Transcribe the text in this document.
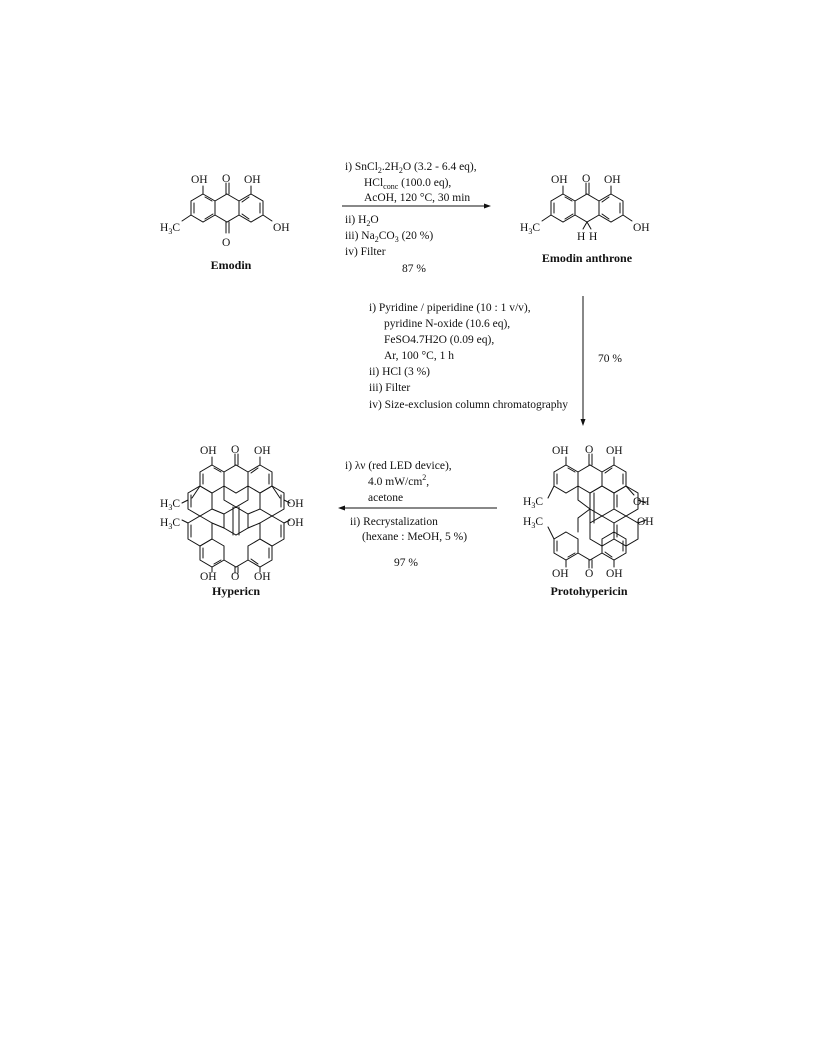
OH O OH
O
OH
$H_3C$
Emodin
i) $SnCl_2.2H_2O$ (3.2 - 6.4 eq),
HCl$_{conc}$ (100.0 eq),
AcOH, 120 °C, 30 min
ii) $H_2O$
iii) $Na_2CO_3$ (20 %)
iv) Filter
87 %
OH O OH
H H
OH
$H_3C$
Emodin anthrone
70 %
i) Pyridine / piperidine (10 : 1 v/v),
pyridine N-oxide (10.6 eq),
FeSO4.7H2O (0.09 eq),
Ar, 100 °C, 1 h
ii) HCl (3 %)
iii) Filter
iv) Size-exclusion column chromatography
OH O OH
OH
OH
$H_3C$
$H_3C$
OH O OH
Protohypericin
i) λν (red LED device),
4.0 $mW/cm^2$,
acetone
ii) Recrystalization
(hexane : MeOH, 5 %)
97 %
OH O OH
OH
OH
$H_3C$
$H_3C$
OH O OH
Hypericn
